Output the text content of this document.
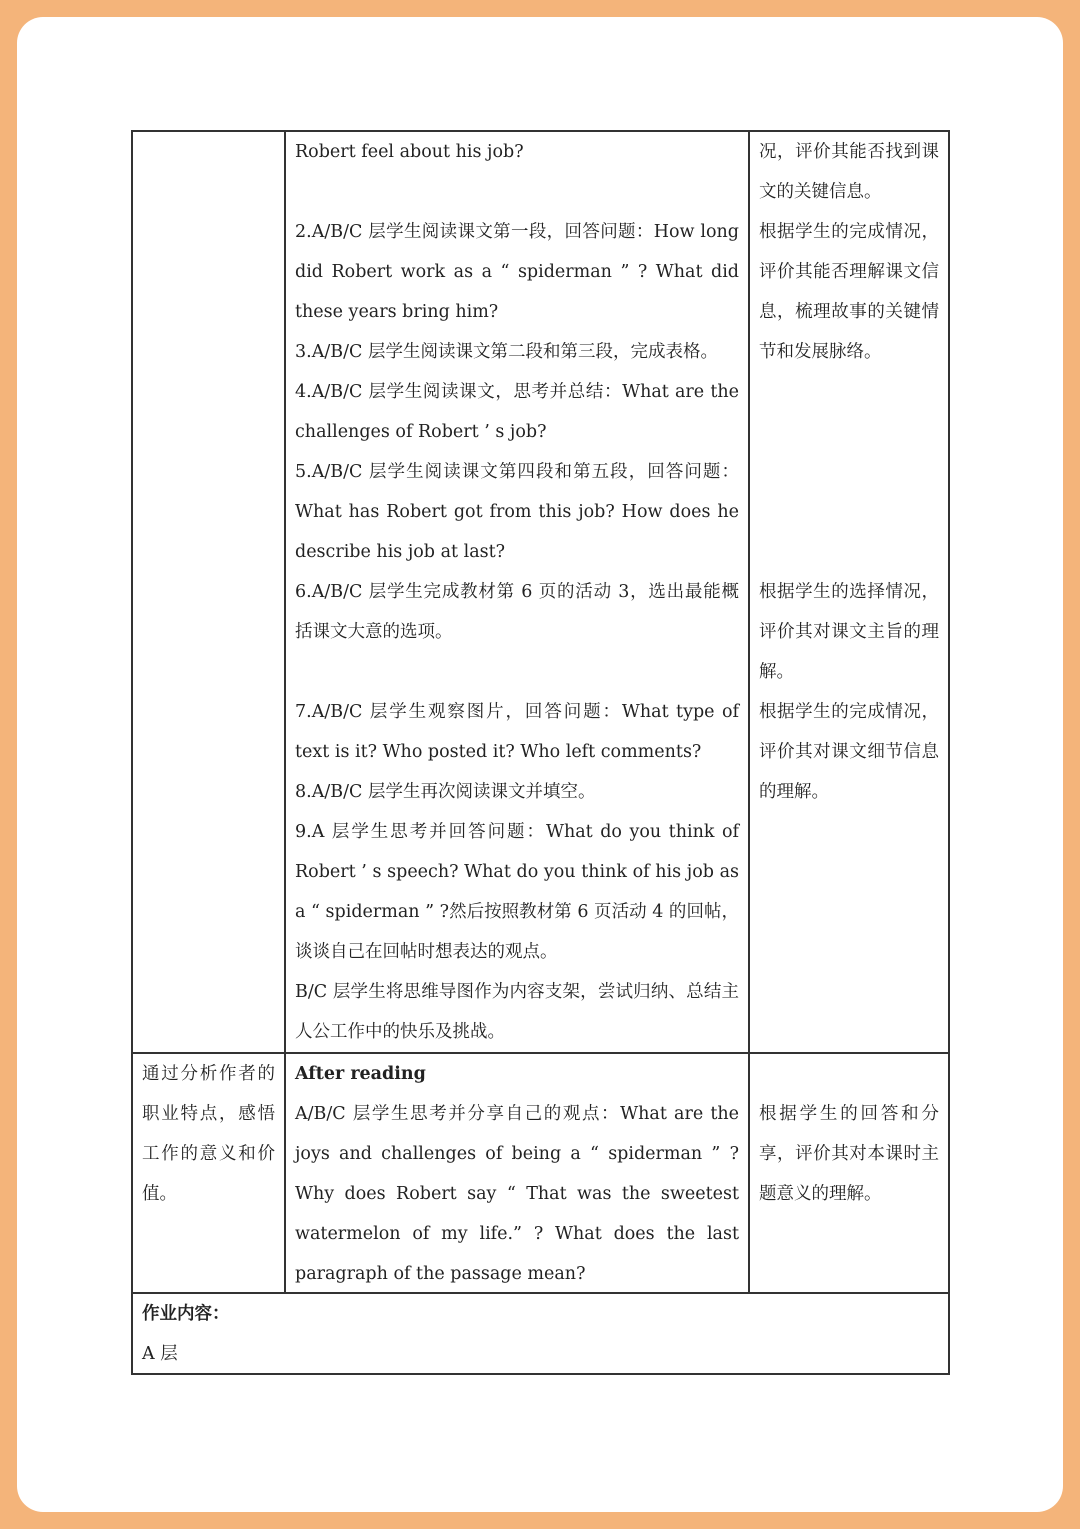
Robert feel about his job?

2.A/B/C 层学生阅读课文第一段，回答问题：How long did Robert work as a “ spiderman ” ? What did these years bring him?

3.A/B/C 层学生阅读课文第二段和第三段，完成表格。

4.A/B/C 层学生阅读课文，思考并总结：What are the challenges of Robert ’ s job?

5.A/B/C 层学生阅读课文第四段和第五段，回答问题：What has Robert got from this job? How does he describe his job at last?

6.A/B/C 层学生完成教材第 6 页的活动 3，选出最能概括课文大意的选项。

7.A/B/C 层学生观察图片，回答问题：What type of text is it? Who posted it? Who left comments?

8.A/B/C 层学生再次阅读课文并填空。

9.A 层学生思考并回答问题：What do you think of Robert ’ s speech? What do you think of his job as a “ spiderman ” ?然后按照教材第 6 页活动 4 的回帖，谈谈自己在回帖时想表达的观点。

B/C 层学生将思维导图作为内容支架，尝试归纳、总结主人公工作中的快乐及挑战。

况，评价其能否找到课文的关键信息。

根据学生的完成情况，评价其能否理解课文信息，梳理故事的关键情节和发展脉络。

根据学生的选择情况，评价其对课文主旨的理解。

根据学生的完成情况，评价其对课文细节信息的理解。

通过分析作者的职业特点，感悟工作的意义和价值。

After reading

A/B/C 层学生思考并分享自己的观点：What are the joys and challenges of being a “ spiderman ” ? Why does Robert say “ That was the sweetest watermelon of my life.” ? What does the last paragraph of the passage mean?

根据学生的回答和分享，评价其对本课时主题意义的理解。

作业内容：

A 层
